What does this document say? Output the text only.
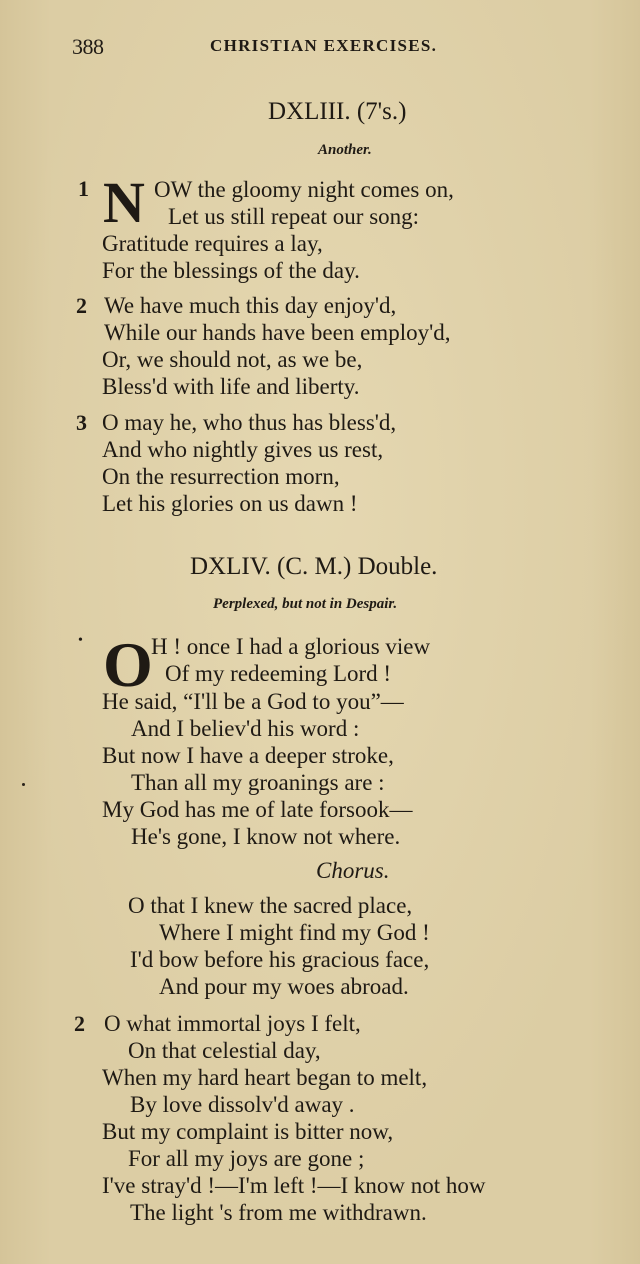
388	CHRISTIAN EXERCISES.
DXLIII. (7's.)
Another.
1 N OW the gloomy night comes on,
Let us still repeat our song:
Gratitude requires a lay,
For the blessings of the day.
2 We have much this day enjoy'd,
While our hands have been employ'd,
Or, we should not, as we be,
Bless'd with life and liberty.
3 O may he, who thus has bless'd,
And who nightly gives us rest,
On the resurrection morn,
Let his glories on us dawn !
DXLIV. (C. M.) Double.
Perplexed, but not in Despair.
• O
H ! once I had a glorious view
Of my redeeming Lord !
He said, “I'll be a God to you”—
And I believ'd his word :
But now I have a deeper stroke,
Than all my groanings are :
My God has me of late forsook—
He's gone, I know not where.
Chorus.
O that I knew the sacred place,
Where I might find my God !
I'd bow before his gracious face,
And pour my woes abroad.
2 O what immortal joys I felt,
On that celestial day,
When my hard heart began to melt,
By love dissolv'd away .
But my complaint is bitter now,
For all my joys are gone ;
I've stray'd !—I'm left !—I know not how
The light 's from me withdrawn.
